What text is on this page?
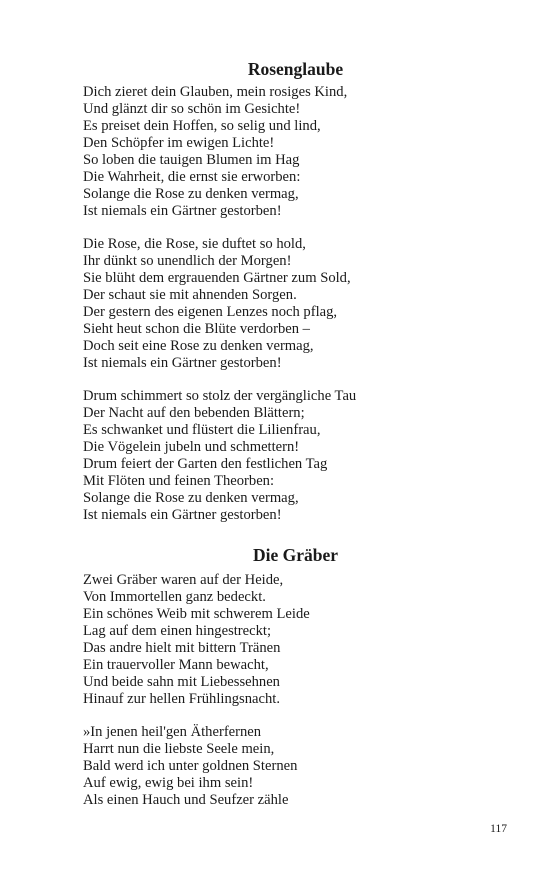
Rosenglaube
Dich zieret dein Glauben, mein rosiges Kind,
Und glänzt dir so schön im Gesichte!
Es preiset dein Hoffen, so selig und lind,
Den Schöpfer im ewigen Lichte!
So loben die tauigen Blumen im Hag
Die Wahrheit, die ernst sie erworben:
Solange die Rose zu denken vermag,
Ist niemals ein Gärtner gestorben!
Die Rose, die Rose, sie duftet so hold,
Ihr dünkt so unendlich der Morgen!
Sie blüht dem ergrauenden Gärtner zum Sold,
Der schaut sie mit ahnenden Sorgen.
Der gestern des eigenen Lenzes noch pflag,
Sieht heut schon die Blüte verdorben –
Doch seit eine Rose zu denken vermag,
Ist niemals ein Gärtner gestorben!
Drum schimmert so stolz der vergängliche Tau
Der Nacht auf den bebenden Blättern;
Es schwanket und flüstert die Lilienfrau,
Die Vögelein jubeln und schmettern!
Drum feiert der Garten den festlichen Tag
Mit Flöten und feinen Theorben:
Solange die Rose zu denken vermag,
Ist niemals ein Gärtner gestorben!
Die Gräber
Zwei Gräber waren auf der Heide,
Von Immortellen ganz bedeckt.
Ein schönes Weib mit schwerem Leide
Lag auf dem einen hingestreckt;
Das andre hielt mit bittern Tränen
Ein trauervoller Mann bewacht,
Und beide sahn mit Liebessehnen
Hinauf zur hellen Frühlingsnacht.
»In jenen heil'gen Ätherfernen
Harrt nun die liebste Seele mein,
Bald werd ich unter goldnen Sternen
Auf ewig, ewig bei ihm sein!
Als einen Hauch und Seufzer zähle

117
